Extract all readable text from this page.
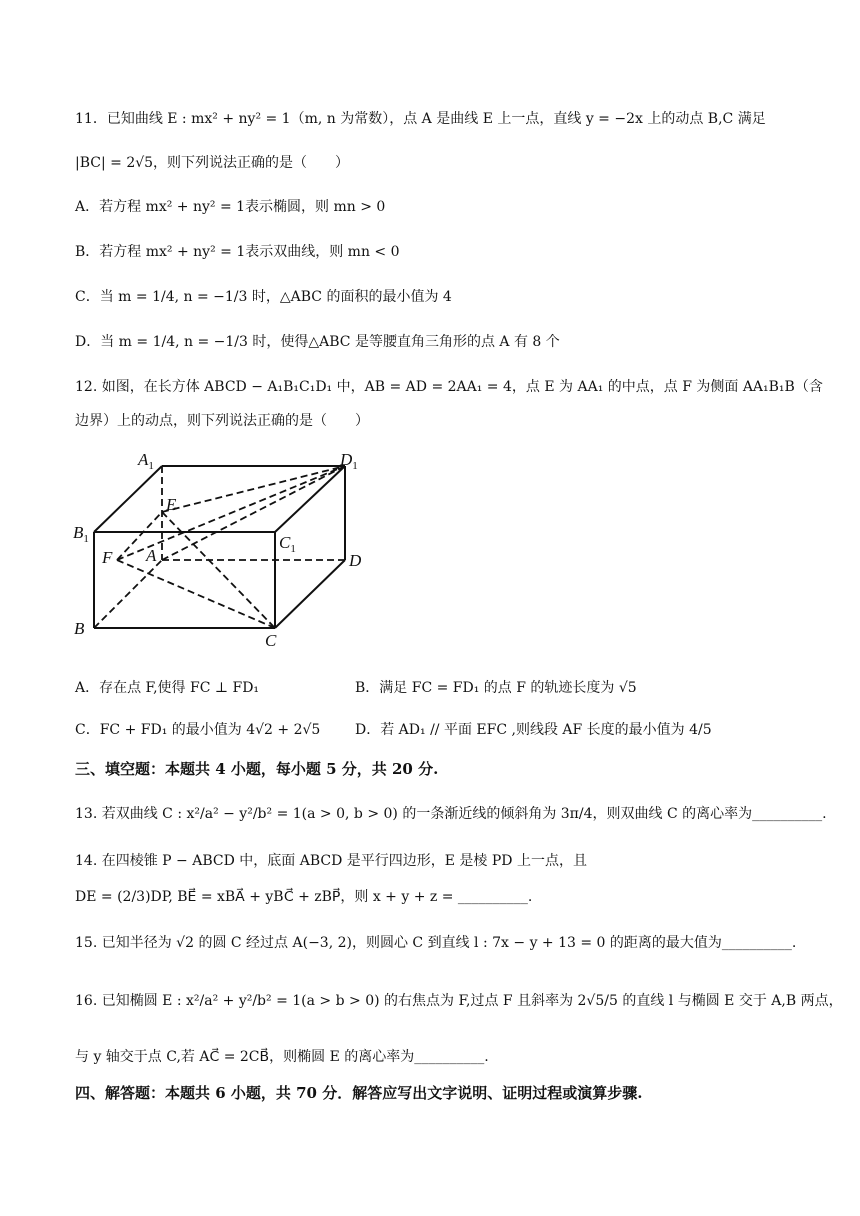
11．已知曲线 E : mx² + ny² = 1（m, n 为常数），点 A 是曲线 E 上一点，直线 y = −2x 上的动点 B,C 满足
|BC| = 2√5，则下列说法正确的是（　　）
A．若方程 mx² + ny² = 1表示椭圆，则 mn > 0
B．若方程 mx² + ny² = 1表示双曲线，则 mn < 0
C．当 m = 1/4, n = −1/3 时，△ABC 的面积的最小值为 4
D．当 m = 1/4, n = −1/3 时，使得△ABC 是等腰直角三角形的点 A 有 8 个
12. 如图，在长方体 ABCD − A₁B₁C₁D₁ 中，AB = AD = 2AA₁ = 4，点 E 为 AA₁ 的中点，点 F 为侧面 AA₁B₁B（含
边界）上的动点，则下列说法正确的是（　　）
$A_1$	$D_1$
$B_1$	$C_1$
E
F A	D
B
C
A．存在点 F,使得 FC ⊥ FD₁	B．满足 FC = FD₁ 的点 F 的轨迹长度为 √5
C．FC + FD₁ 的最小值为 4√2 + 2√5 D．若 AD₁ // 平面 EFC ,则线段 AF 长度的最小值为 4/5
三、填空题：本题共 4 小题，每小题 5 分，共 20 分.
13. 若双曲线 C : x²/a² − y²/b² = 1(a > 0, b > 0) 的一条渐近线的倾斜角为 3π/4，则双曲线 C 的离心率为__________.
14. 在四棱锥 P − ABCD 中，底面 ABCD 是平行四边形，E 是棱 PD 上一点，且
DE = (2/3)DP, BE⃗ = xBA⃗ + yBC⃗ + zBP⃗，则 x + y + z = __________.
15. 已知半径为 √2 的圆 C 经过点 A(−3, 2)，则圆心 C 到直线 l : 7x − y + 13 = 0 的距离的最大值为__________.
16. 已知椭圆 E : x²/a² + y²/b² = 1(a > b > 0) 的右焦点为 F,过点 F 且斜率为 2√5/5 的直线 l 与椭圆 E 交于 A,B 两点，
与 y 轴交于点 C,若 AC⃗ = 2CB⃗，则椭圆 E 的离心率为__________.
四、解答题：本题共 6 小题，共 70 分．解答应写出文字说明、证明过程或演算步骤.
